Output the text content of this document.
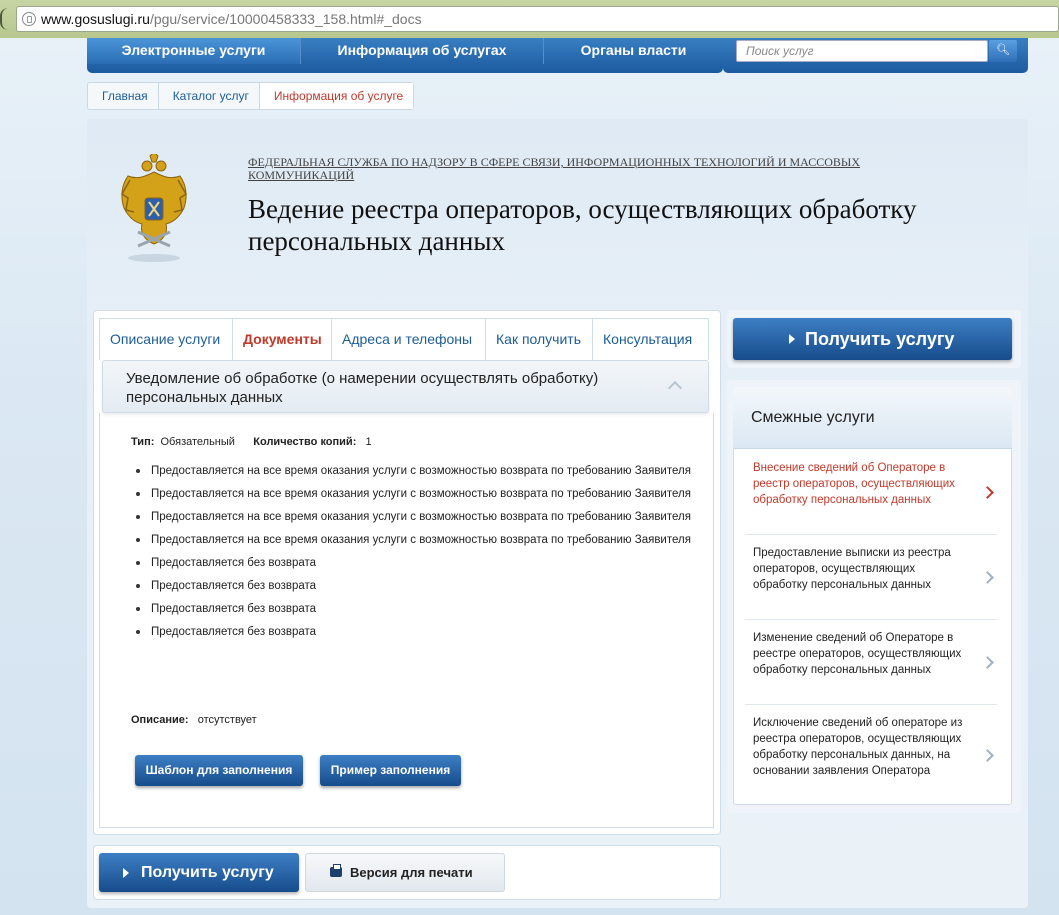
www.gosuslugi.ru/pgu/service/10000458333_158.html#_docs
Электронные услуги	Информация об услугах	Органы власти	Поиск услуг	🔍︎
Главная	Каталог услуг	Информация об услуге
ФЕДЕРАЛЬНАЯ СЛУЖБА ПО НАДЗОРУ В СФЕРЕ СВЯЗИ, ИНФОРМАЦИОННЫХ ТЕХНОЛОГИЙ И МАССОВЫХ КОММУНИКАЦИЙ
Ведение реестра операторов, осуществляющих обработку персональных данных
Описание услуги	Документы	Адреса и телефоны	Как получить	Консультация
Уведомление об обработке (о намерении осуществлять обработку) персональных данных
Тип: Обязательный Количество копий: 1
Предоставляется на все время оказания услуги с возможностью возврата по требованию Заявителя
Предоставляется на все время оказания услуги с возможностью возврата по требованию Заявителя
Предоставляется на все время оказания услуги с возможностью возврата по требованию Заявителя
Предоставляется на все время оказания услуги с возможностью возврата по требованию Заявителя
Предоставляется без возврата
Предоставляется без возврата
Предоставляется без возврата
Предоставляется без возврата
Описание: отсутствует
Шаблон для заполнения	Пример заполнения
Получить услугу	Версия для печати
Получить услугу
Смежные услуги
Внесение сведений об Операторе в реестр операторов, осуществляющих обработку персональных данных
Предоставление выписки из реестра операторов, осуществляющих обработку персональных данных
Изменение сведений об Операторе в реестре операторов, осуществляющих обработку персональных данных
Исключение сведений об операторе из реестра операторов, осуществляющих обработку персональных данных, на основании заявления Оператора
